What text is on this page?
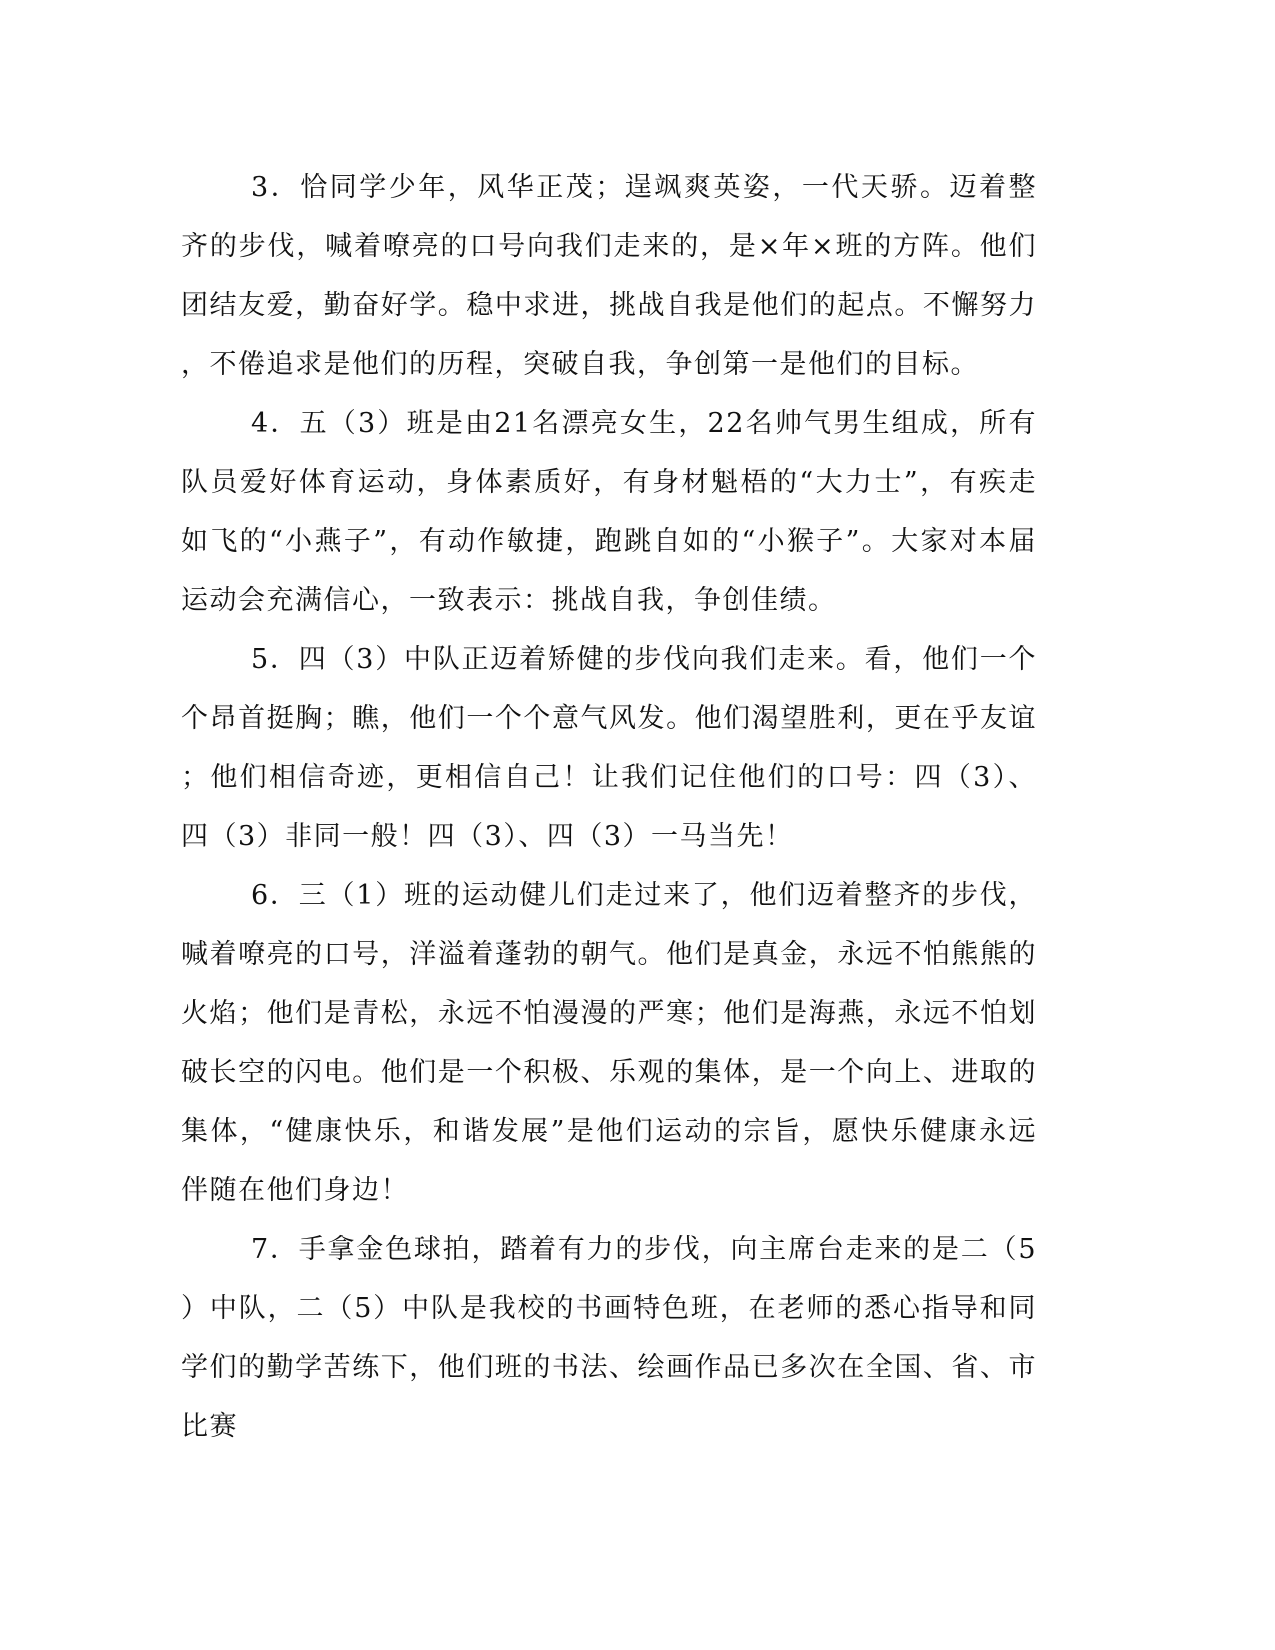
3．恰同学少年，风华正茂；逞飒爽英姿，一代天骄。迈着整齐的步伐，喊着嘹亮的口号向我们走来的，是×年×班的方阵。他们团结友爱，勤奋好学。稳中求进，挑战自我是他们的起点。不懈努力，不倦追求是他们的历程，突破自我，争创第一是他们的目标。

4．五（3）班是由21名漂亮女生，22名帅气男生组成，所有队员爱好体育运动，身体素质好，有身材魁梧的“大力士”，有疾走如飞的“小燕子”，有动作敏捷，跑跳自如的“小猴子”。大家对本届运动会充满信心，一致表示：挑战自我，争创佳绩。

5．四（3）中队正迈着矫健的步伐向我们走来。看，他们一个个昂首挺胸；瞧，他们一个个意气风发。他们渴望胜利，更在乎友谊；他们相信奇迹，更相信自己！让我们记住他们的口号：四（3）、四（3）非同一般！四（3）、四（3）一马当先！

6．三（1）班的运动健儿们走过来了，他们迈着整齐的步伐，喊着嘹亮的口号，洋溢着蓬勃的朝气。他们是真金，永远不怕熊熊的火焰；他们是青松，永远不怕漫漫的严寒；他们是海燕，永远不怕划破长空的闪电。他们是一个积极、乐观的集体，是一个向上、进取的集体，“健康快乐，和谐发展”是他们运动的宗旨，愿快乐健康永远伴随在他们身边！

7．手拿金色球拍，踏着有力的步伐，向主席台走来的是二（5）中队，二（5）中队是我校的书画特色班，在老师的悉心指导和同学们的勤学苦练下，他们班的书法、绘画作品已多次在全国、省、市比赛
